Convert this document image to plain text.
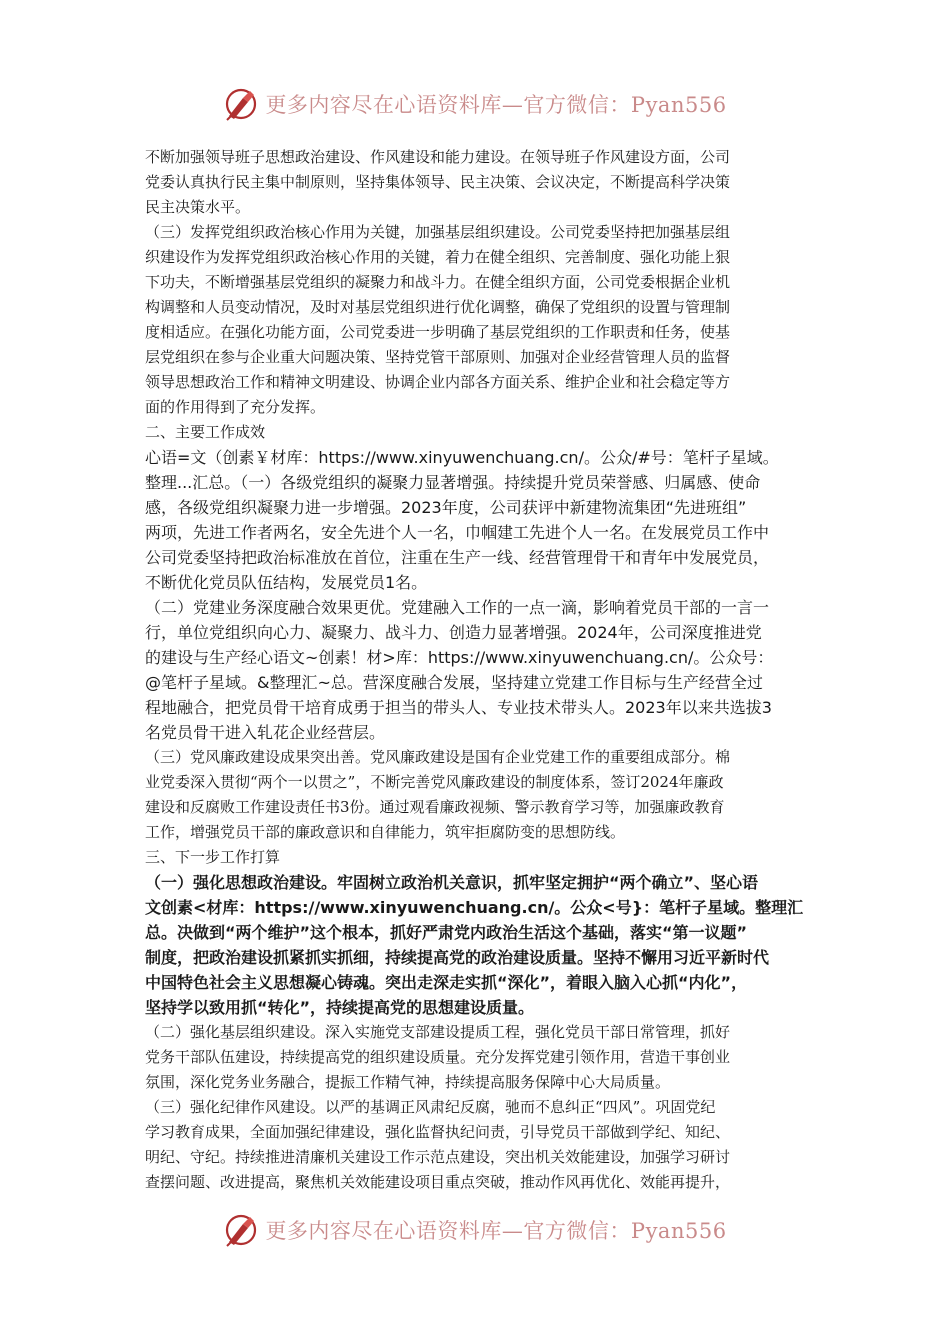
更多内容尽在心语资料库—官方微信：Pyan556

不断加强领导班子思想政治建设、作风建设和能力建设。在领导班子作风建设方面，公司
党委认真执行民主集中制原则，坚持集体领导、民主决策、会议决定，不断提高科学决策
民主决策水平。

（三）发挥党组织政治核心作用为关键，加强基层组织建设。公司党委坚持把加强基层组
织建设作为发挥党组织政治核心作用的关键，着力在健全组织、完善制度、强化功能上狠
下功夫，不断增强基层党组织的凝聚力和战斗力。在健全组织方面，公司党委根据企业机
构调整和人员变动情况，及时对基层党组织进行优化调整，确保了党组织的设置与管理制
度相适应。在强化功能方面，公司党委进一步明确了基层党组织的工作职责和任务，使基
层党组织在参与企业重大问题决策、坚持党管干部原则、加强对企业经营管理人员的监督
领导思想政治工作和精神文明建设、协调企业内部各方面关系、维护企业和社会稳定等方
面的作用得到了充分发挥。

二、主要工作成效

心语=文（创素￥材库：https://www.xinyuwenchuang.cn/。公众/#号：笔杆子星域。
整理...汇总。（一）各级党组织的凝聚力显著增强。持续提升党员荣誉感、归属感、使命
感，各级党组织凝聚力进一步增强。2023年度，公司获评中新建物流集团“先进班组”
两项，先进工作者两名，安全先进个人一名，巾帼建工先进个人一名。在发展党员工作中
公司党委坚持把政治标准放在首位，注重在生产一线、经营管理骨干和青年中发展党员，
不断优化党员队伍结构，发展党员1名。

（二）党建业务深度融合效果更优。党建融入工作的一点一滴，影响着党员干部的一言一
行，单位党组织向心力、凝聚力、战斗力、创造力显著增强。2024年，公司深度推进党
的建设与生产经心语文~创素！材>库：https://www.xinyuwenchuang.cn/。公众号：
@笔杆子星域。&整理汇~总。营深度融合发展，坚持建立党建工作目标与生产经营全过
程地融合，把党员骨干培育成勇于担当的带头人、专业技术带头人。2023年以来共选拔3
名党员骨干进入轧花企业经营层。

（三）党风廉政建设成果突出善。党风廉政建设是国有企业党建工作的重要组成部分。棉
业党委深入贯彻“两个一以贯之”，不断完善党风廉政建设的制度体系，签订2024年廉政
建设和反腐败工作建设责任书3份。通过观看廉政视频、警示教育学习等，加强廉政教育
工作，增强党员干部的廉政意识和自律能力，筑牢拒腐防变的思想防线。

三、下一步工作打算

（一）强化思想政治建设。牢固树立政治机关意识，抓牢坚定拥护“两个确立”、坚心语
文创素<材库：https://www.xinyuwenchuang.cn/。公众<号}：笔杆子星域。整理汇
总。决做到“两个维护”这个根本，抓好严肃党内政治生活这个基础，落实“第一议题”
制度，把政治建设抓紧抓实抓细，持续提高党的政治建设质量。坚持不懈用习近平新时代
中国特色社会主义思想凝心铸魂。突出走深走实抓“深化”，着眼入脑入心抓“内化”，
坚持学以致用抓“转化”，持续提高党的思想建设质量。

（二）强化基层组织建设。深入实施党支部建设提质工程，强化党员干部日常管理，抓好
党务干部队伍建设，持续提高党的组织建设质量。充分发挥党建引领作用，营造干事创业
氛围，深化党务业务融合，提振工作精气神，持续提高服务保障中心大局质量。

（三）强化纪律作风建设。以严的基调正风肃纪反腐，驰而不息纠正“四风”。巩固党纪
学习教育成果，全面加强纪律建设，强化监督执纪问责，引导党员干部做到学纪、知纪、
明纪、守纪。持续推进清廉机关建设工作示范点建设，突出机关效能建设，加强学习研讨
查摆问题、改进提高，聚焦机关效能建设项目重点突破，推动作风再优化、效能再提升，

更多内容尽在心语资料库—官方微信：Pyan556
